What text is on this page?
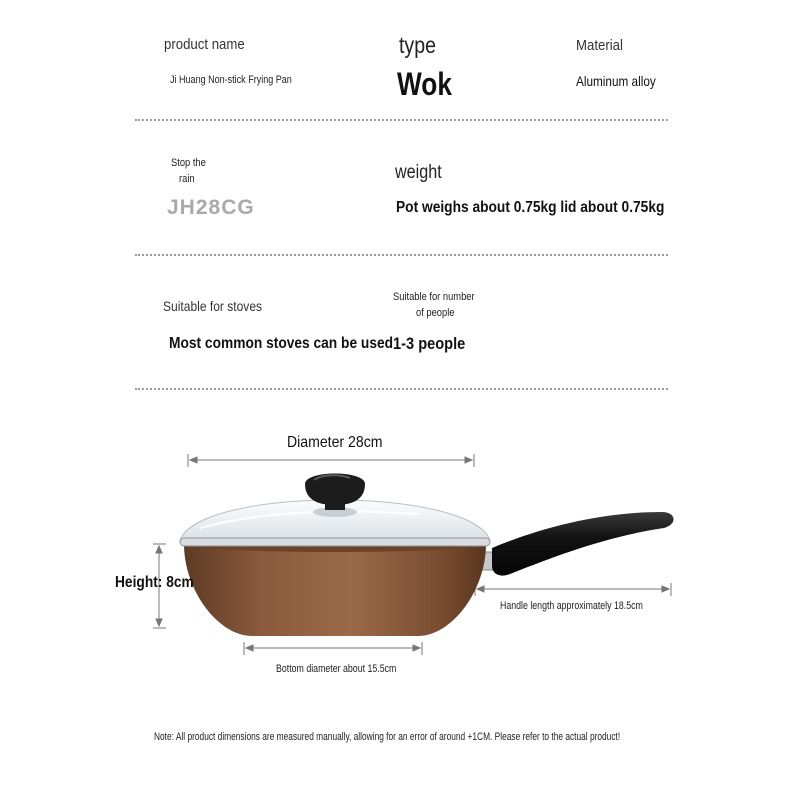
product name
Ji Huang Non-stick Frying Pan
type
Wok
Material
Aluminum alloy
Stop the
rain
JH28CG
weight
Pot weighs about 0.75kg lid about 0.75kg
Suitable for stoves
Most common stoves can be used
Suitable for number
of people
1-3 people
Diameter 28cm
Height: 8cm
Handle length approximately 18.5cm
Bottom diameter about 15.5cm
Note: All product dimensions are measured manually, allowing for an error of around +1CM. Please refer to the actual product!
